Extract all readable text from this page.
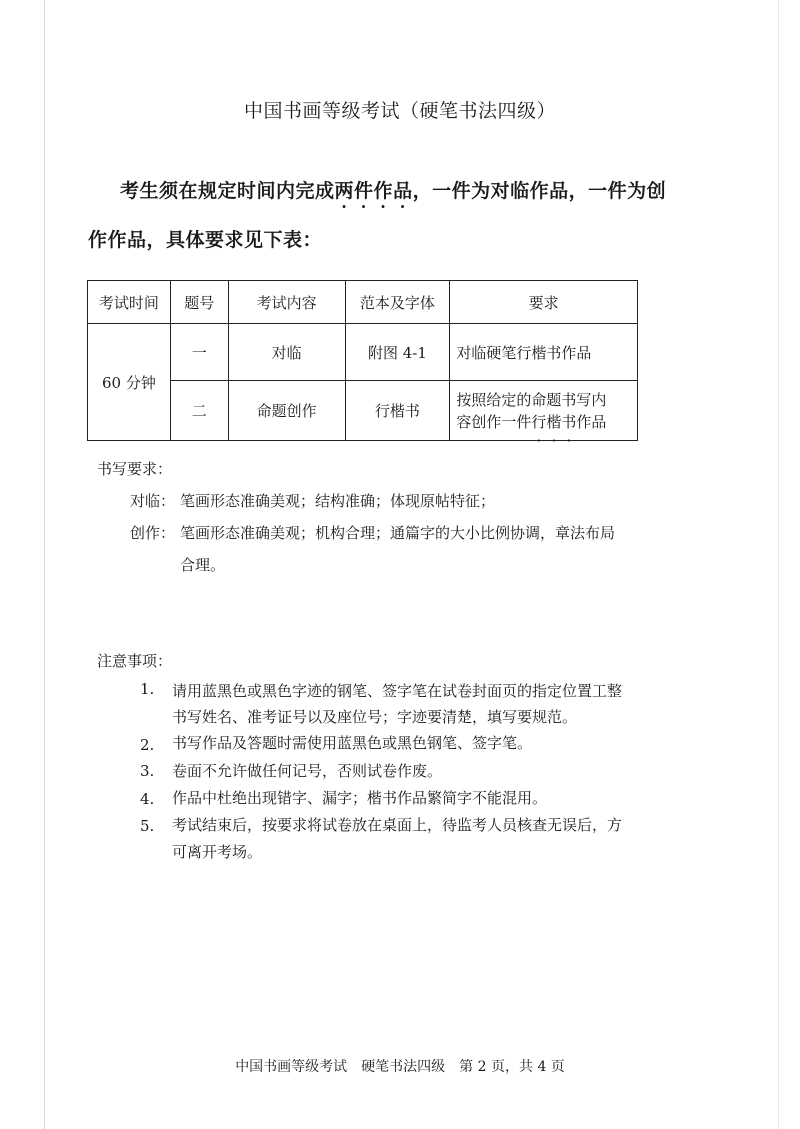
中国书画等级考试（硬笔书法四级）
考生须在规定时间内完成两件作品，一件为对临作品，一件为创
作作品，具体要求见下表：
考试时间	题号	考试内容	范本及字体	要求
60 分钟	一	对临	附图 4-1	对临硬笔行楷书作品
	二	命题创作	行楷书	按照给定的命题书写内
容创作一件行楷书作品
书写要求：
对临： 笔画形态准确美观；结构准确；体现原帖特征；
创作： 笔画形态准确美观；机构合理；通篇字的大小比例协调，章法布局
合理。
注意事项：
1. 请用蓝黑色或黑色字迹的钢笔、签字笔在试卷封面页的指定位置工整
书写姓名、准考证号以及座位号；字迹要清楚，填写要规范。
2. 书写作品及答题时需使用蓝黑色或黑色钢笔、签字笔。
3. 卷面不允许做任何记号，否则试卷作废。
4. 作品中杜绝出现错字、漏字；楷书作品繁简字不能混用。
5. 考试结束后，按要求将试卷放在桌面上，待监考人员核查无误后，方
可离开考场。
中国书画等级考试　硬笔书法四级　第 2 页，共 4 页
